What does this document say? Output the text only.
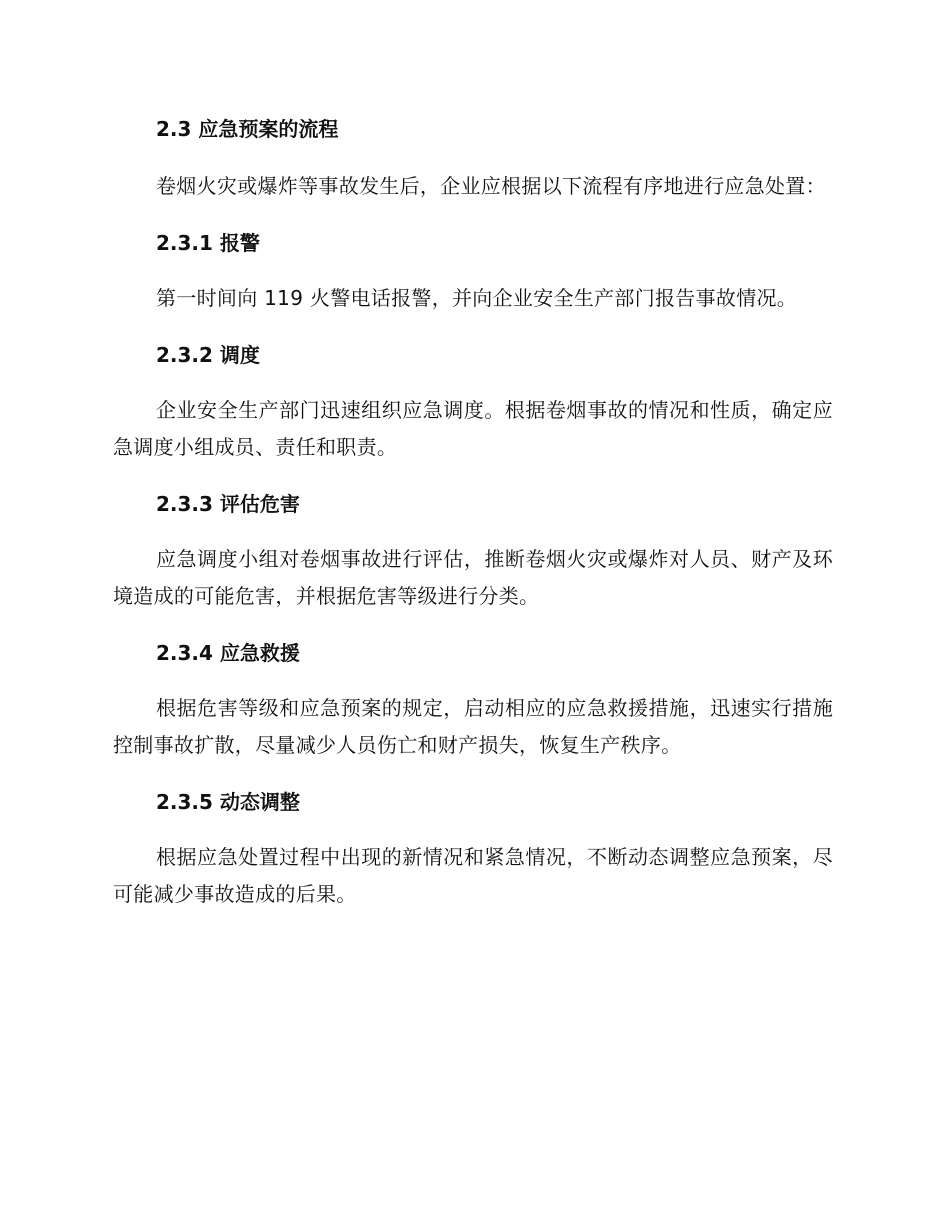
2.3 应急预案的流程

卷烟火灾或爆炸等事故发生后，企业应根据以下流程有序地进行应急处置：

2.3.1 报警

第一时间向 119 火警电话报警，并向企业安全生产部门报告事故情况。

2.3.2 调度

企业安全生产部门迅速组织应急调度。根据卷烟事故的情况和性质，确定应急调度小组成员、责任和职责。

2.3.3 评估危害

应急调度小组对卷烟事故进行评估，推断卷烟火灾或爆炸对人员、财产及环境造成的可能危害，并根据危害等级进行分类。

2.3.4 应急救援

根据危害等级和应急预案的规定，启动相应的应急救援措施，迅速实行措施控制事故扩散，尽量减少人员伤亡和财产损失，恢复生产秩序。

2.3.5 动态调整

根据应急处置过程中出现的新情况和紧急情况，不断动态调整应急预案，尽可能减少事故造成的后果。
